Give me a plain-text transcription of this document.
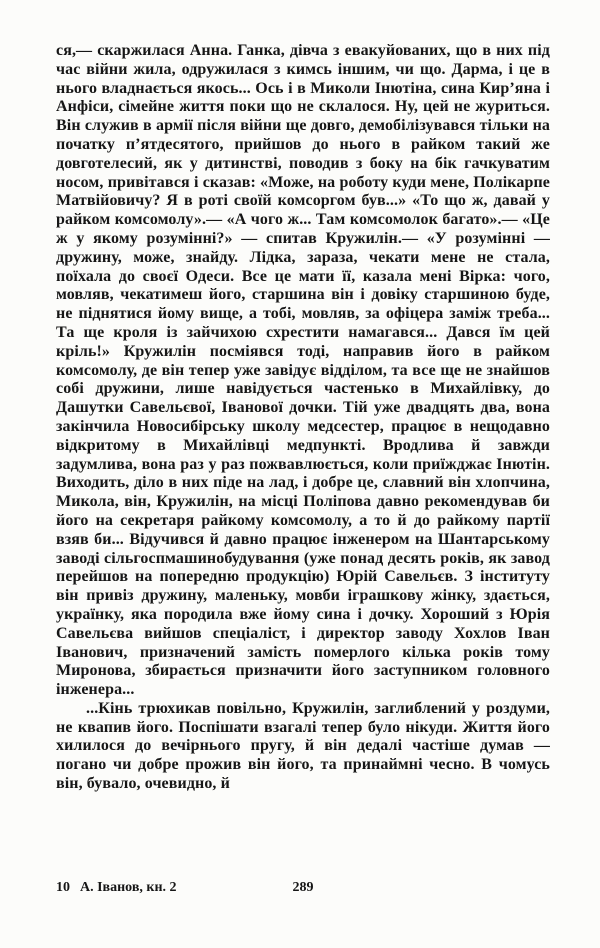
ся,— скаржилася Анна. Ганка, дівча з евакуйованих, що в них під час війни жила, одружилася з кимсь іншим, чи що. Дарма, і це в нього владнається якось... Ось і в Миколи Інютіна, сина Кир’яна і Анфіси, сімейне життя поки що не склалося. Ну, цей не журиться. Він служив в армії після війни ще довго, демобілізувався тільки на початку п’ятдесятого, прийшов до нього в райком такий же довготелесий, як у дитинстві, поводив з боку на бік гачкуватим носом, привітався і сказав: «Може, на роботу куди мене, Полікарпе Матвійовичу? Я в роті своїй комсоргом був...» «То що ж, давай у райком комсомолу».— «А чого ж... Там комсомолок багато».— «Це ж у якому розумінні?» — спитав Кружилін.— «У розумінні — дружину, може, знайду. Лідка, зараза, чекати мене не стала, поїхала до своєї Одеси. Все це мати її, казала мені Вірка: чого, мовляв, чекатимеш його, старшина він і довіку старшиною буде, не піднятися йому вище, а тобі, мовляв, за офіцера заміж треба... Та ще кроля із зайчихою схрестити намагався... Дався їм цей кріль!» Кружилін посміявся тоді, направив його в райком комсомолу, де він тепер уже завідує відділом, та все ще не знайшов собі дружини, лише навідується частенько в Михайлівку, до Дашутки Савельєвої, Іванової дочки. Тій уже двадцять два, вона закінчила Новосибірську школу медсестер, працює в нещодавно відкритому в Михайлівці медпункті. Вродлива й завжди задумлива, вона раз у раз пожвавлюється, коли приїжджає Інютін. Виходить, діло в них піде на лад, і добре це, славний він хлопчина, Микола, він, Кружилін, на місці Поліпова давно рекомендував би його на секретаря райкому комсомолу, а то й до райкому партії взяв би... Відучився й давно працює інженером на Шантарському заводі сільгоспмашинобудування (уже понад десять років, як завод перейшов на попередню продукцію) Юрій Савельєв. З інституту він привіз дружину, маленьку, мовби іграшкову жінку, здається, українку, яка породила вже йому сина і дочку. Хороший з Юрія Савельєва вийшов спеціаліст, і директор заводу Хохлов Іван Іванович, призначений замість померлого кілька років тому Миронова, збирається призначити його заступником головного інженера...

...Кінь трюхикав повільно, Кружилін, заглиблений у роздуми, не квапив його. Поспішати взагалі тепер було нікуди. Життя його хилилося до вечірнього пругу, й він дедалі частіше думав — погано чи добре прожив він його, та принаймні чесно. В чомусь він, бувало, очевидно, й

10 А. Іванов, кн. 2	289
